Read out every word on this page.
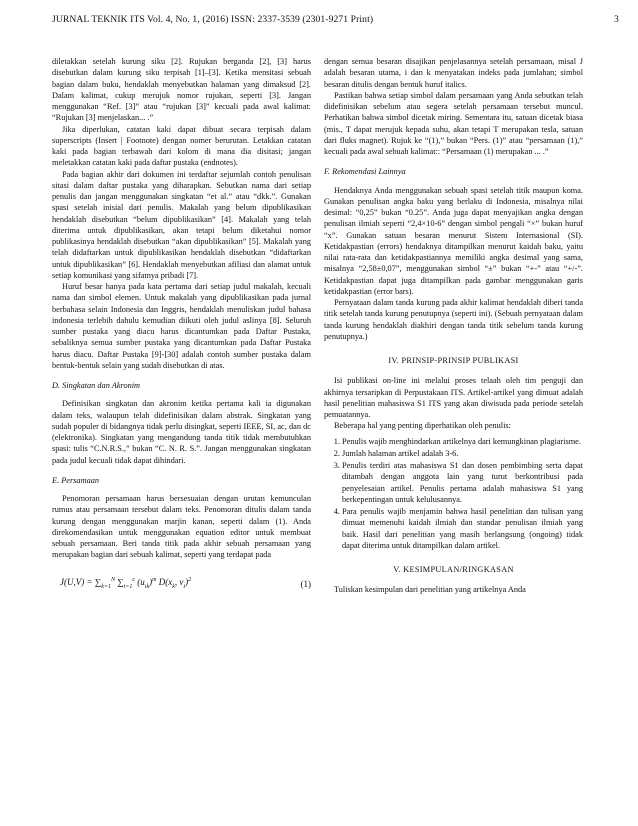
JURNAL TEKNIK ITS Vol. 4, No. 1, (2016) ISSN: 2337-3539 (2301-9271 Print)	3

diletakkan setelah kurung siku [2]. Rujukan berganda [2], [3] harus disebutkan dalam kurung siku terpisah [1]–[3]. Ketika mensitasi sebuah bagian dalam buku, hendaklah menyebutkan halaman yang dimaksud [2]. Dalam kalimat, cukup merujuk nomor rujukan, seperti [3]. Jangan menggunakan “Ref. [3]” atau “rujukan [3]” kecuali pada awal kalimat: “Rujukan [3] menjelaskan... .”

Jika diperlukan, catatan kaki dapat dibuat secara terpisah dalam superscripts (Insert | Footnote) dengan nomer berurutan. Letakkan catatan kaki pada bagian terbawah dari kolom di mana dia disitasi; jangan meletakkan catatan kaki pada daftar pustaka (endnotes).

Pada bagian akhir dari dokumen ini terdaftar sejumlah contoh penulisan sitasi dalam daftar pustaka yang diharapkan. Sebutkan nama dari setiap penulis dan jangan menggunakan singkatan “et al.” atau “dkk.”. Gunakan spasi setelah inisial dari penulis. Makalah yang belum dipublikasikan hendaklah disebutkan “belum dipublikasikan” [4]. Makalah yang telah diterima untuk dipublikasikan, akan tetapi belum diketahui nomor publikasinya hendaklah disebutkan “akan dipublikasikan” [5]. Makalah yang telah didaftarkan untuk dipublikasikan hendaklah disebutkan “didaftarkan untuk dipublikasikan” [6]. Hendaklah menyebutkan afiliasi dan alamat untuk setiap komunikasi yang sifatnya pribadi [7].

Huruf besar hanya pada kata pertama dari setiap judul makalah, kecuali nama dan simbol elemen. Untuk makalah yang dipublikasikan pada jurnal berbahasa selain Indonesia dan Inggris, hendaklah menuliskan judul bahasa indonesia terlebih dahulu kemudian diikuti oleh judul aslinya [8]. Seluruh sumber pustaka yang diacu harus dicantumkan pada Daftar Pustaka, sebaliknya semua sumber pustaka yang dicantumkan pada Daftar Pustaka harus diacu. Daftar Pustaka [9]-[30] adalah contoh sumber pustaka dalam bentuk-bentuk selain yang sudah disebutkan di atas.

D. Singkatan dan Akronim

Definisikan singkatan dan akronim ketika pertama kali ia digunakan dalam teks, walaupun telah didefinisikan dalam abstrak. Singkatan yang sudah populer di bidangnya tidak perlu disingkat, seperti IEEE, SI, ac, dan dc (elektronika). Singkatan yang mengandung tanda titik tidak membutuhkan spasi: tulis “C.N.R.S.,” bukan “C. N. R. S.”. Jangan menggunakan singkatan pada judul kecuali tidak dapat dihindari.

E. Persamaan

Penomoran persamaan harus bersesuaian dengan urutan kemunculan rumus atau persamaan tersebut dalam teks. Penomoran ditulis dalam tanda kurung dengan menggunakan marjin kanan, seperti dalam (1). Anda direkomendasikan untuk menggunakan equation editor untuk membuat sebuah persamaan. Beri tanda titik pada akhir sebuah persamaan yang merupakan bagian dari sebuah kalimat, seperti yang terdapat pada

$J(U,V) = \sum_{k=1}^N$ $\sum_{i=1}^c$ $(u_{ik})^m$ $D(x_k$, $v_i)^2$	(1)

dengan semua besaran disajikan penjelasannya setelah persamaan, misal J adalah besaran utama, i dan k menyatakan indeks pada jumlahan; simbol besaran ditulis dengan bentuk huruf italics.

Pastikan bahwa setiap simbol dalam persamaan yang Anda sebutkan telah didefinisikan sebelum atau segera setelah persamaan tersebut muncul. Perhatikan bahwa simbol dicetak miring. Sementara itu, satuan dicetak biasa (mis., T dapat merujuk kepada suhu, akan tetapi T merupakan tesla, satuan dari fluks magnet). Rujuk ke “(1),” bukan “Pers. (1)” atau “persamaan (1),” kecuali pada awal sebuah kalimat:: “Persamaan (1) merupakan ... .”

F. Rekomendasi Lainnya

Hendaknya Anda menggunakan sebuah spasi setelah titik maupun koma. Gunakan penulisan angka baku yang berlaku di Indonesia, misalnya nilai desimal: “0,25” bukan “0.25”. Anda juga dapat menyajikan angka dengan penulisan ilmiah seperti “2,4×10-6” dengan simbol pengali “×” bukan huruf “x”. Gunakan satuan besaran menurut Sistem Internasional (SI). Ketidakpastian (errors) hendaknya ditampilkan menurut kaidah baku, yaitu nilai rata-rata dan ketidakpastiannya memiliki angka desimal yang sama, misalnya “2,58±0,07”, menggunakan simbol “±” bukan “+-” atau “+/-”. Ketidakpastian dapat juga ditampilkan pada gambar menggunakan garis ketidakpastian (error bars).

Pernyataan dalam tanda kurung pada akhir kalimat hendaklah diberi tanda titik setelah tanda kurung penutupnya (seperti ini). (Sebuah pernyataan dalam tanda kurung hendaklah diakhiri dengan tanda titik sebelum tanda kurung penutupnya.)

IV. PRINSIP-PRINSIP PUBLIKASI

Isi publikasi on-line ini melalui proses telaah oleh tim penguji dan akhirnya tersaripkan di Perpustakaan ITS. Artikel-artikel yang dimuat adalah hasil penelitian mahasiswa S1 ITS yang akan diwisuda pada periode setelah pemuatannya.

Beberapa hal yang penting diperhatikan oleh penulis:

1. Penulis wajib menghindarkan artikelnya dari kemungkinan plagiarisme.
2. Jumlah halaman artikel adalah 3-6.
3. Penulis terdiri atas mahasiswa S1 dan dosen pembimbing serta dapat ditambah dengan anggota lain yang turut berkontribusi pada penyelesaian artikel. Penulis pertama adalah mahasiswa S1 yang berkepentingan untuk kelulusannya.
4. Para penulis wajib menjamin bahwa hasil penelitian dan tulisan yang dimuat memenuhi kaidah ilmiah dan standar penulisan ilmiah yang baik. Hasil dari penelitian yang masih berlangsung (ongoing) tidak dapat diterima untuk ditampilkan dalam artikel.
V. KESIMPULAN/RINGKASAN

Tuliskan kesimpulan dari penelitian yang artikelnya Anda
